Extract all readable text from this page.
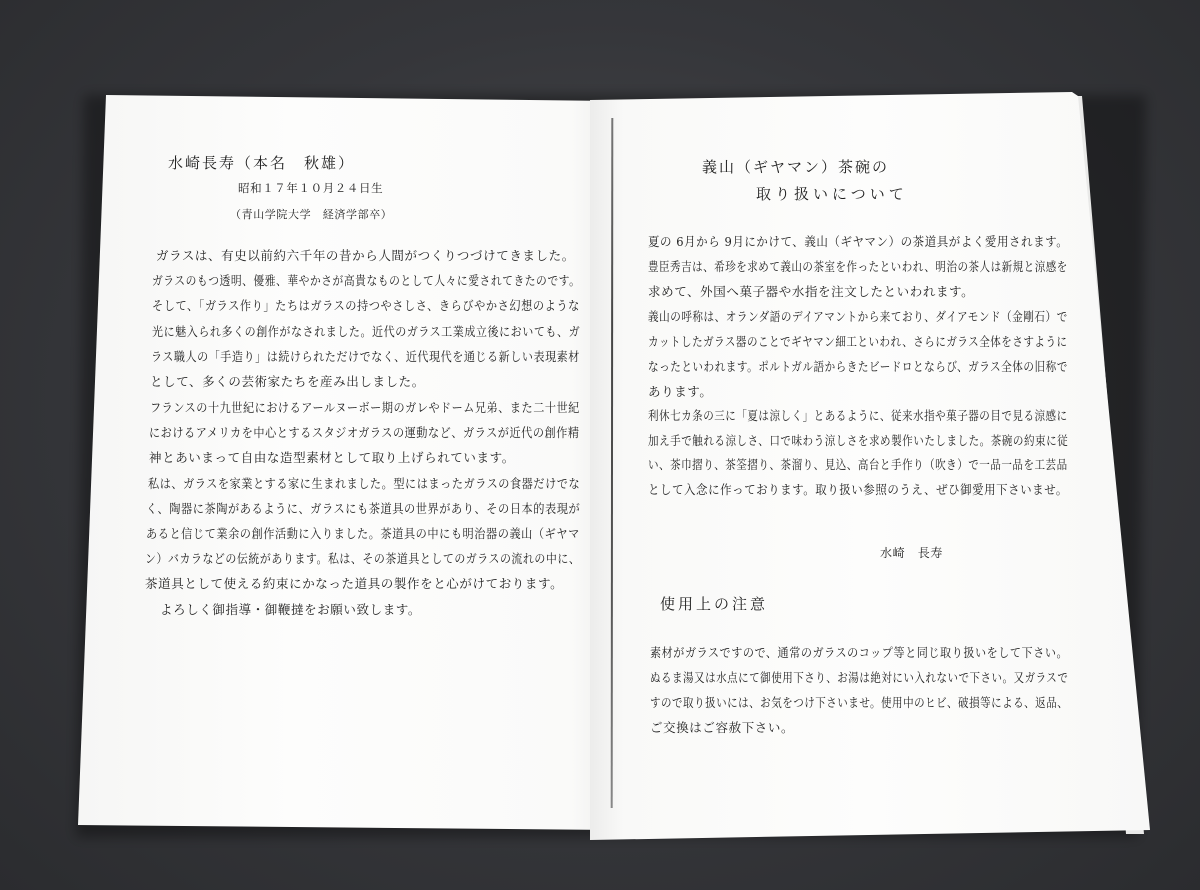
水崎長寿（本名　秋雄）
昭和１７年１０月２４日生
（青山学院大学　経済学部卒）
ガラスは、有史以前約六千年の昔から人間がつくりつづけてきました。
ガラスのもつ透明、優雅、華やかさが高貴なものとして人々に愛されてきたのです。
そして、「ガラス作り」たちはガラスの持つやさしさ、きらびやかさ幻想のような
光に魅入られ多くの創作がなされました。近代のガラス工業成立後においても、ガ
ラス職人の「手造り」は続けられただけでなく、近代現代を通じる新しい表現素材
として、多くの芸術家たちを産み出しました。
フランスの十九世紀におけるアールヌーボー期のガレやドーム兄弟、また二十世紀
におけるアメリカを中心とするスタジオガラスの運動など、ガラスが近代の創作精
神とあいまって自由な造型素材として取り上げられています。
私は、ガラスを家業とする家に生まれました。型にはまったガラスの食器だけでな
く、陶器に茶陶があるように、ガラスにも茶道具の世界があり、その日本的表現が
あると信じて業余の創作活動に入りました。茶道具の中にも明治器の義山（ギヤマ
ン）バカラなどの伝統があります。私は、その茶道具としてのガラスの流れの中に、
茶道具として使える約束にかなった道具の製作をと心がけております。
よろしく御指導・御鞭撻をお願い致します。
義山（ギヤマン）茶碗の
取り扱いについて
夏の 6月から 9月にかけて、義山（ギヤマン）の茶道具がよく愛用されます。
豊臣秀吉は、希珍を求めて義山の茶室を作ったといわれ、明治の茶人は新規と涼感を
求めて、外国へ菓子器や水指を注文したといわれます。
義山の呼称は、オランダ語のデイアマントから来ており、ダイアモンド（金剛石）で
カットしたガラス器のことでギヤマン細工といわれ、さらにガラス全体をさすように
なったといわれます。ポルトガル語からきたビードロとならび、ガラス全体の旧称で
あります。
利休七カ条の三に「夏は涼しく」とあるように、従来水指や菓子器の目で見る涼感に
加え手で触れる涼しさ、口で味わう涼しさを求め製作いたしました。茶碗の約束に従
い、茶巾摺り、茶筌摺り、茶溜り、見込、高台と手作り（吹き）で一品一品を工芸品
として入念に作っております。取り扱い参照のうえ、ぜひ御愛用下さいませ。
水崎　長寿
使用上の注意
素材がガラスですので、通常のガラスのコップ等と同じ取り扱いをして下さい。
ぬるま湯又は水点にて御使用下さり、お湯は絶対にい入れないで下さい。又ガラスで
すので取り扱いには、お気をつけ下さいませ。使用中のヒビ、破損等による、返品、
ご交換はご容赦下さい。
